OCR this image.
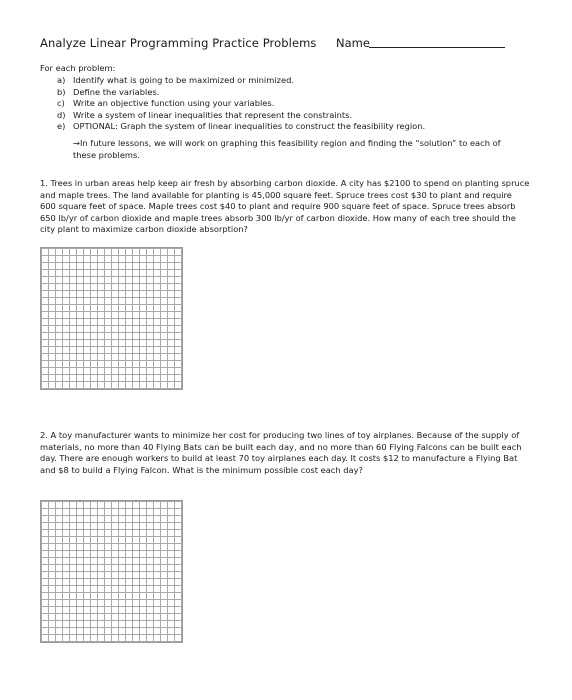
Analyze Linear Programming Practice Problems Name
For each problem:
a) Identify what is going to be maximized or minimized.
b) Define the variables.
c) Write an objective function using your variables.
d) Write a system of linear inequalities that represent the constraints.
e) OPTIONAL: Graph the system of linear inequalities to construct the feasibility region.
→In future lessons, we will work on graphing this feasibility region and finding the “solution” to each of these problems.
1. Trees in urban areas help keep air fresh by absorbing carbon dioxide. A city has $2100 to spend on planting spruce and maple trees. The land available for planting is 45,000 square feet. Spruce trees cost $30 to plant and require 600 square feet of space. Maple trees cost $40 to plant and require 900 square feet of space. Spruce trees absorb 650 lb/yr of carbon dioxide and maple trees absorb 300 lb/yr of carbon dioxide. How many of each tree should the city plant to maximize carbon dioxide absorption?
2. A toy manufacturer wants to minimize her cost for producing two lines of toy airplanes. Because of the supply of materials, no more than 40 Flying Bats can be built each day, and no more than 60 Flying Falcons can be built each day. There are enough workers to build at least 70 toy airplanes each day. It costs $12 to manufacture a Flying Bat and $8 to build a Flying Falcon. What is the minimum possible cost each day?
